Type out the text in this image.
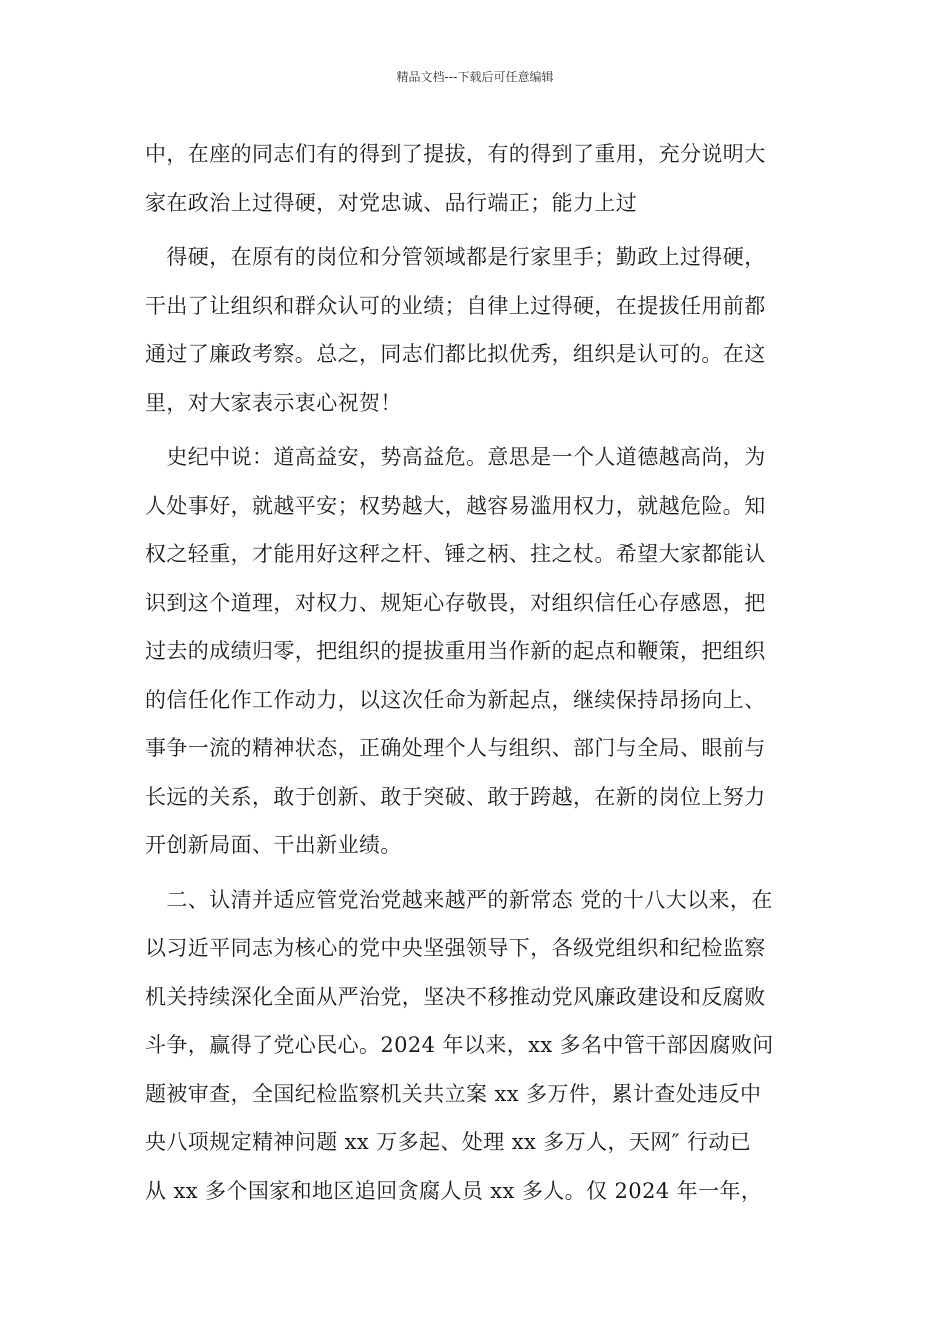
精品文档---下载后可任意编辑
中，在座的同志们有的得到了提拔，有的得到了重用，充分说明大
家在政治上过得硬，对党忠诚、品行端正；能力上过
　得硬，在原有的岗位和分管领域都是行家里手；勤政上过得硬，
干出了让组织和群众认可的业绩；自律上过得硬，在提拔任用前都
通过了廉政考察。总之，同志们都比拟优秀，组织是认可的。在这
里，对大家表示衷心祝贺！
　史纪中说：道高益安，势高益危。意思是一个人道德越高尚，为
人处事好，就越平安；权势越大，越容易滥用权力，就越危险。知
权之轻重，才能用好这秤之杆、锤之柄、拄之杖。希望大家都能认
识到这个道理，对权力、规矩心存敬畏，对组织信任心存感恩，把
过去的成绩归零，把组织的提拔重用当作新的起点和鞭策，把组织
的信任化作工作动力，以这次任命为新起点，继续保持昂扬向上、
事争一流的精神状态，正确处理个人与组织、部门与全局、眼前与
长远的关系，敢于创新、敢于突破、敢于跨越，在新的岗位上努力
开创新局面、干出新业绩。
　二、认清并适应管党治党越来越严的新常态 党的十八大以来，在
以习近平同志为核心的党中央坚强领导下，各级党组织和纪检监察
机关持续深化全面从严治党，坚决不移推动党风廉政建设和反腐败
斗争，赢得了党心民心。2024 年以来，xx 多名中管干部因腐败问
题被审查，全国纪检监察机关共立案 xx 多万件，累计查处违反中
央八项规定精神问题 xx 万多起、处理 xx 多万人，天网″ 行动已
从 xx 多个国家和地区追回贪腐人员 xx 多人。仅 2024 年一年，
